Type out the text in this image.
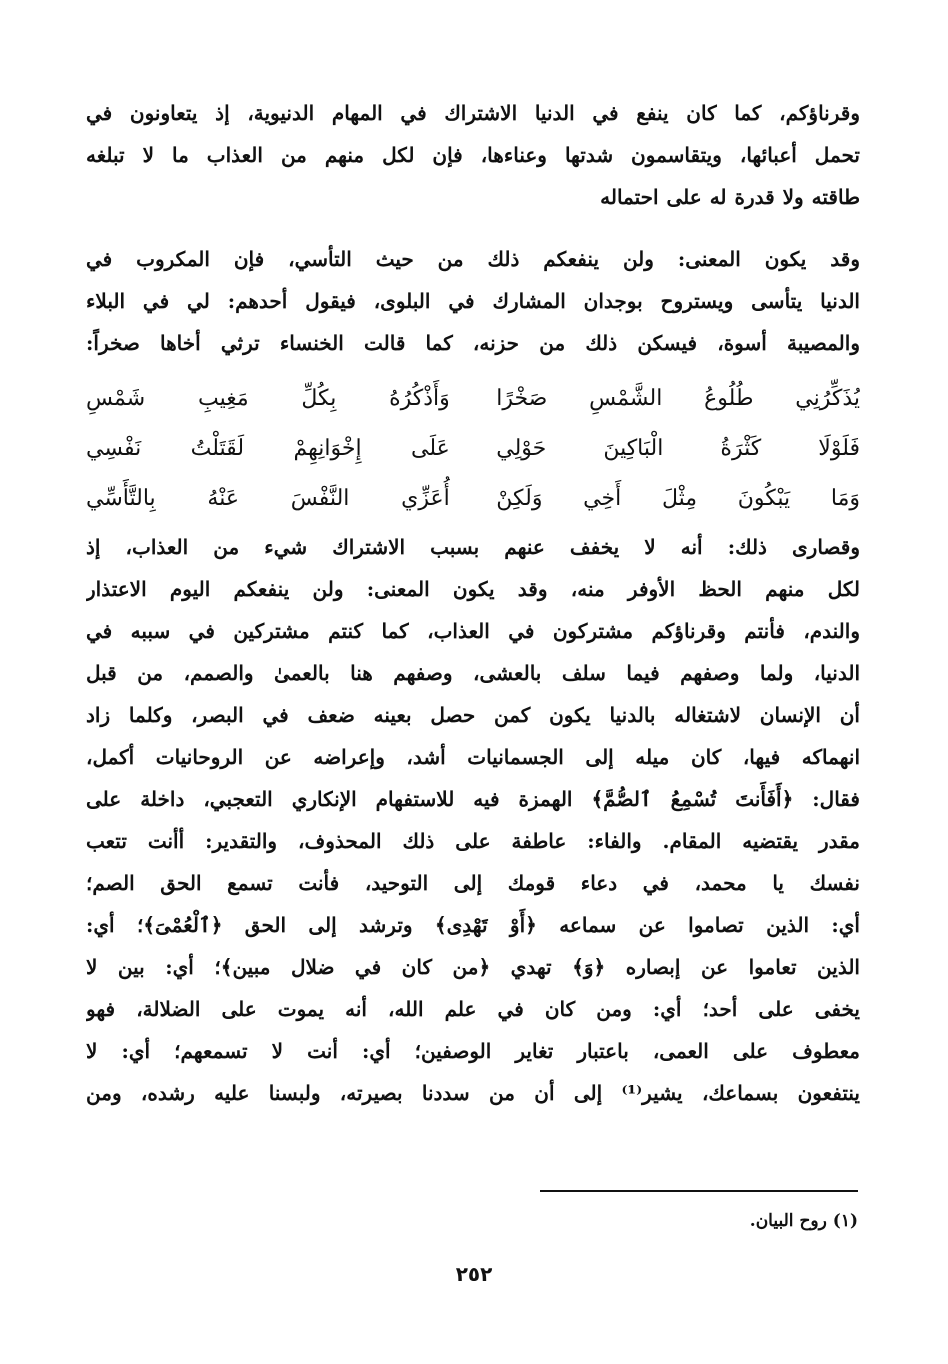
وقرناؤكم، كما كان ينفع في الدنيا الاشتراك في المهام الدنيوية، إذ يتعاونون في
تحمل أعبائها، ويتقاسمون شدتها وعناءها، فإن لكل منهم من العذاب ما لا تبلغه
طاقته ولا قدرة له على احتماله
وقد يكون المعنى: ولن ينفعكم ذلك من حيث التأسي، فإن المكروب في
الدنيا يتأسى ويستروح بوجدان المشارك في البلوى، فيقول أحدهم: لي في البلاء
والمصيبة أسوة، فيسكن ذلك من حزنه، كما قالت الخنساء ترثي أخاها صخراً:
يُذَكِّرُنِي طُلُوعُ الشَّمْسِ صَخْرًا
وَأَذْكُرُهُ بِكُلِّ مَغِيبِ شَمْسِ
فَلَوْلَا كَثْرَةُ الْبَاكِينَ حَوْلِي
عَلَى إِخْوَانِهِمْ لَقَتَلْتُ نَفْسِي
وَمَا يَبْكُونَ مِثْلَ أَخِي وَلَكِنْ
أُعَزِّي النَّفْسَ عَنْهُ بِالتَّأَسِّي
وقصارى ذلك: أنه لا يخفف عنهم بسبب الاشتراك شيء من العذاب، إذ
لكل منهم الحظ الأوفر منه، وقد يكون المعنى: ولن ينفعكم اليوم الاعتذار
والندم، فأنتم وقرناؤكم مشتركون في العذاب، كما كنتم مشتركين في سببه في
الدنيا، ولما وصفهم فيما سلف بالعشى، وصفهم هنا بالعمىٰ والصمم، من قبل
أن الإنسان لاشتغاله بالدنيا يكون كمن حصل بعينه ضعف في البصر، وكلما زاد
انهماكه فيها، كان ميله إلى الجسمانيات أشد، وإعراضه عن الروحانيات أكمل،
فقال: ﴿أَفَأَنتَ تُسْمِعُ ٱلصُّمَّ﴾ الهمزة فيه للاستفهام الإنكاري التعجبي، داخلة على
مقدر يقتضيه المقام. والفاء: عاطفة على ذلك المحذوف، والتقدير: أأنت تتعب
نفسك يا محمد، في دعاء قومك إلى التوحيد، فأنت تسمع الحق الصم؛
أي: الذين تصاموا عن سماعه ﴿أَوْ تَهْدِى﴾ وترشد إلى الحق ﴿ٱلْعُمْىَ﴾؛ أي:
الذين تعاموا عن إبصاره ﴿وَ﴾ تهدي ﴿من كان في ضلال مبين﴾؛ أي: بين لا
يخفى على أحد؛ أي: ومن كان في علم الله، أنه يموت على الضلالة، فهو
معطوف على العمى، باعتبار تغاير الوصفين؛ أي: أنت لا تسمعهم؛ أي: لا
ينتفعون بسماعك، يشير⁽¹⁾ إلى أن من سددنا بصيرته، ولبسنا عليه رشده، ومن
(١) روح البيان.
٢٥٢
